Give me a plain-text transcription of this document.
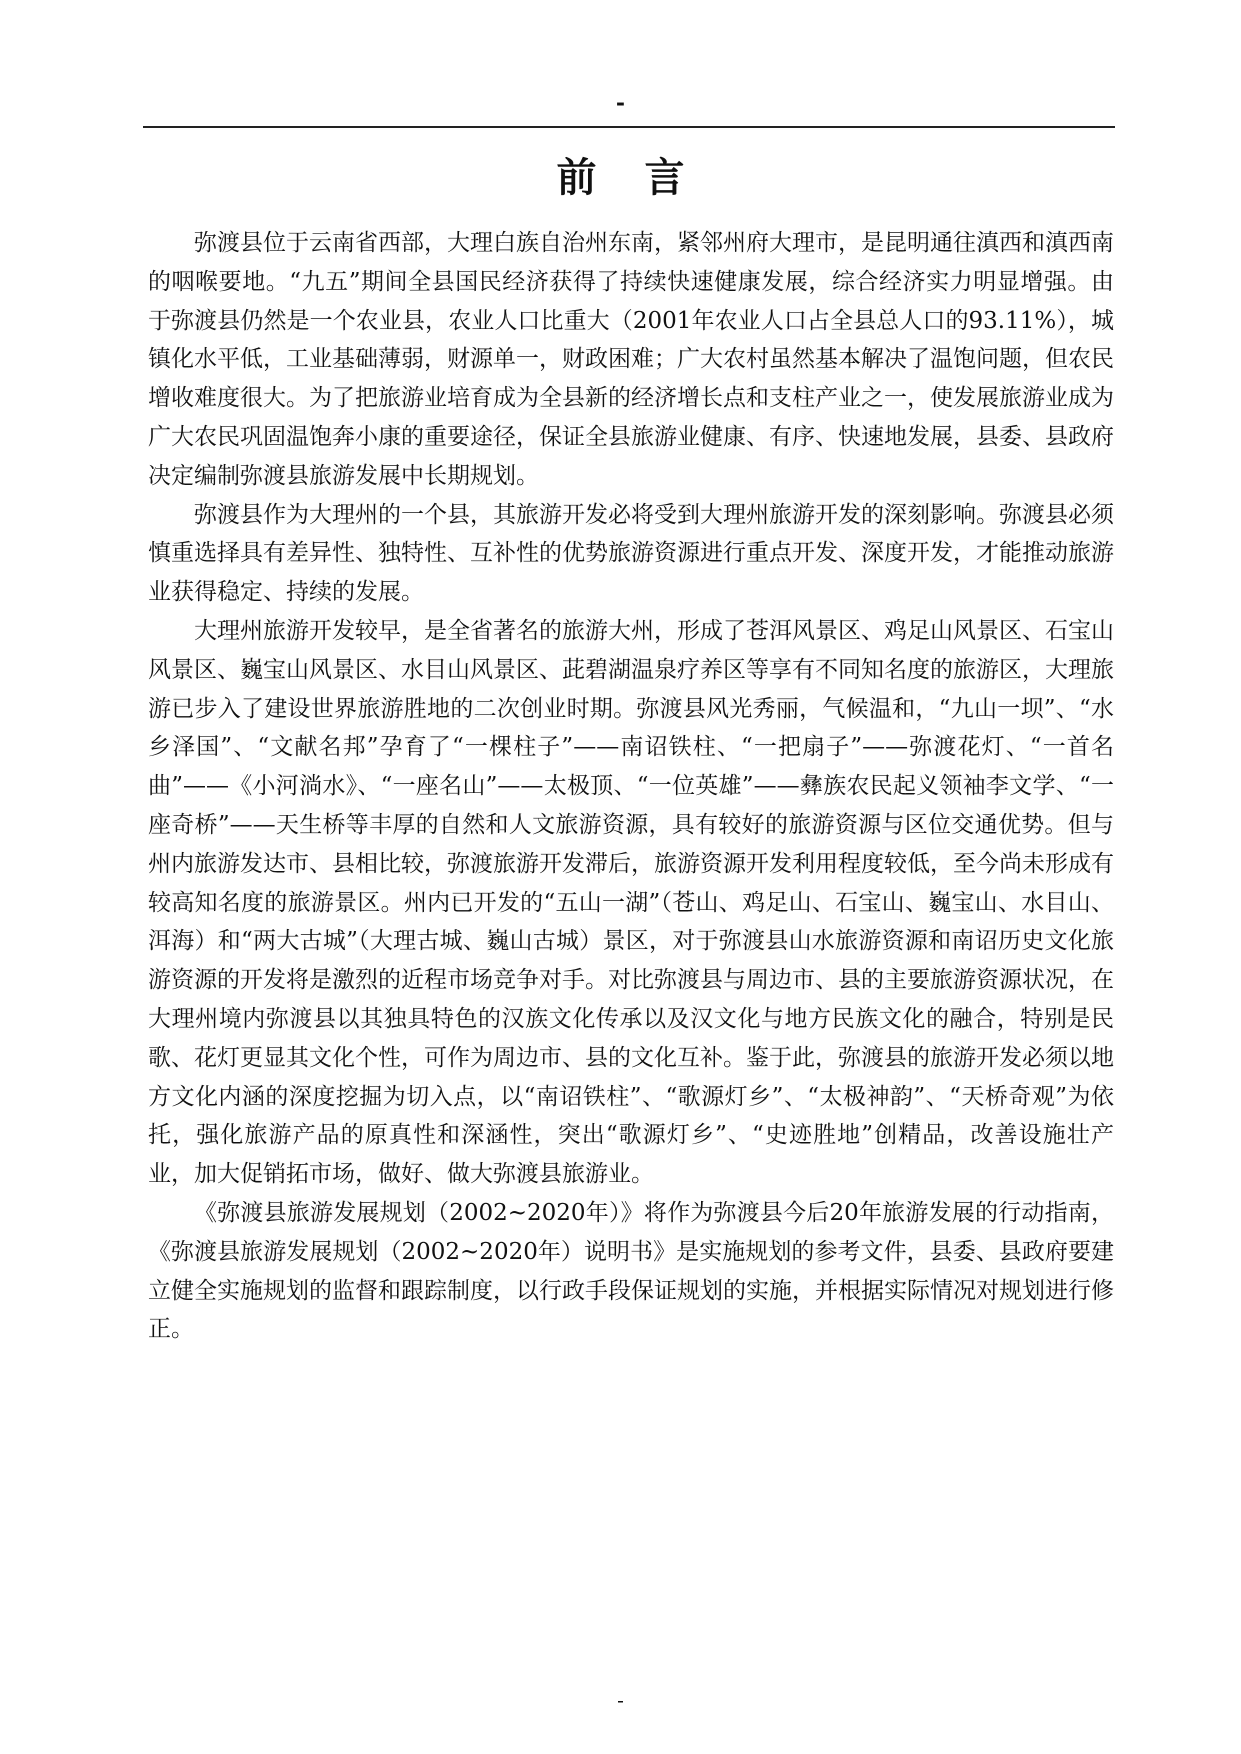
-
前言

弥渡县位于云南省西部，大理白族自治州东南，紧邻州府大理市，是昆明通往滇西和滇西南的咽喉要地。“九五”期间全县国民经济获得了持续快速健康发展，综合经济实力明显增强。由于弥渡县仍然是一个农业县，农业人口比重大（2001年农业人口占全县总人口的93.11%），城镇化水平低，工业基础薄弱，财源单一，财政困难；广大农村虽然基本解决了温饱问题，但农民增收难度很大。为了把旅游业培育成为全县新的经济增长点和支柱产业之一，使发展旅游业成为广大农民巩固温饱奔小康的重要途径，保证全县旅游业健康、有序、快速地发展，县委、县政府决定编制弥渡县旅游发展中长期规划。

弥渡县作为大理州的一个县，其旅游开发必将受到大理州旅游开发的深刻影响。弥渡县必须慎重选择具有差异性、独特性、互补性的优势旅游资源进行重点开发、深度开发，才能推动旅游业获得稳定、持续的发展。

大理州旅游开发较早，是全省著名的旅游大州，形成了苍洱风景区、鸡足山风景区、石宝山风景区、巍宝山风景区、水目山风景区、茈碧湖温泉疗养区等享有不同知名度的旅游区，大理旅游已步入了建设世界旅游胜地的二次创业时期。弥渡县风光秀丽，气候温和，“九山一坝”、“水乡泽国”、“文献名邦”孕育了“一棵柱子”——南诏铁柱、“一把扇子”——弥渡花灯、“一首名曲”——《小河淌水》、“一座名山”——太极顶、“一位英雄”——彝族农民起义领袖李文学、“一座奇桥”——天生桥等丰厚的自然和人文旅游资源，具有较好的旅游资源与区位交通优势。但与州内旅游发达市、县相比较，弥渡旅游开发滞后，旅游资源开发利用程度较低，至今尚未形成有较高知名度的旅游景区。州内已开发的“五山一湖”（苍山、鸡足山、石宝山、巍宝山、水目山、洱海）和“两大古城”（大理古城、巍山古城）景区，对于弥渡县山水旅游资源和南诏历史文化旅游资源的开发将是激烈的近程市场竞争对手。对比弥渡县与周边市、县的主要旅游资源状况，在大理州境内弥渡县以其独具特色的汉族文化传承以及汉文化与地方民族文化的融合，特别是民歌、花灯更显其文化个性，可作为周边市、县的文化互补。鉴于此，弥渡县的旅游开发必须以地方文化内涵的深度挖掘为切入点，以“南诏铁柱”、“歌源灯乡”、“太极神韵”、“天桥奇观”为依托，强化旅游产品的原真性和深涵性，突出“歌源灯乡”、“史迹胜地”创精品，改善设施壮产业，加大促销拓市场，做好、做大弥渡县旅游业。

《弥渡县旅游发展规划（2002~2020年）》将作为弥渡县今后20年旅游发展的行动指南，《弥渡县旅游发展规划（2002~2020年）说明书》是实施规划的参考文件，县委、县政府要建立健全实施规划的监督和跟踪制度，以行政手段保证规划的实施，并根据实际情况对规划进行修正。

-
